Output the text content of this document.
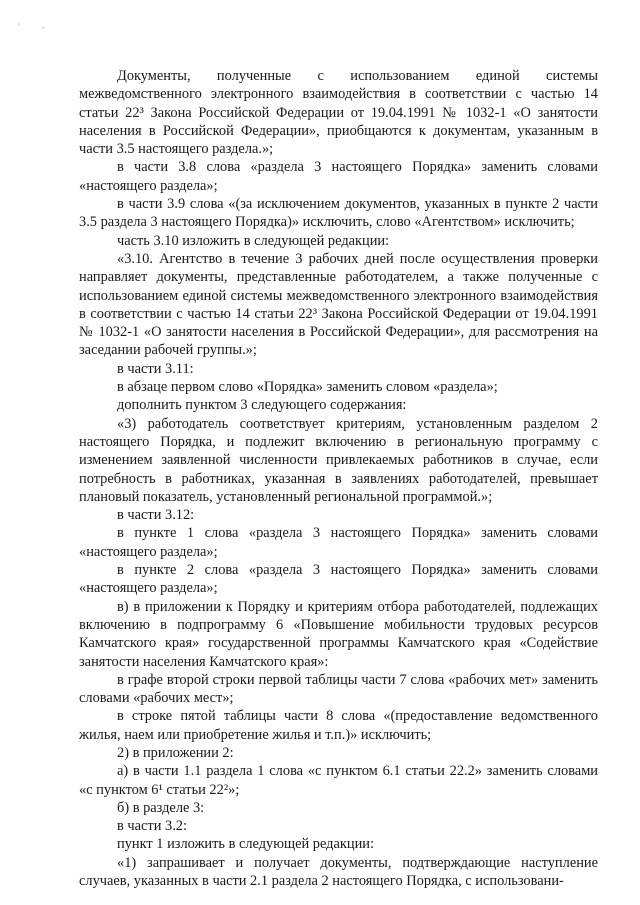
' ‐

Документы, полученные с использованием единой системы межведомственного электронного взаимодействия в соответствии с частью 14 статьи 22³ Закона Российской Федерации от 19.04.1991 № 1032-1 «О занятости населения в Российской Федерации», приобщаются к документам, указанным в части 3.5 настоящего раздела.»;

в части 3.8 слова «раздела 3 настоящего Порядка» заменить словами «настоящего раздела»;

в части 3.9 слова «(за исключением документов, указанных в пункте 2 части 3.5 раздела 3 настоящего Порядка)» исключить, слово «Агентством» исключить;

часть 3.10 изложить в следующей редакции:

«3.10. Агентство в течение 3 рабочих дней после осуществления проверки направляет документы, представленные работодателем, а также полученные с использованием единой системы межведомственного электронного взаимодействия в соответствии с частью 14 статьи 22³ Закона Российской Федерации от 19.04.1991 № 1032-1 «О занятости населения в Российской Федерации», для рассмотрения на заседании рабочей группы.»;

в части 3.11:

в абзаце первом слово «Порядка» заменить словом «раздела»;

дополнить пунктом 3 следующего содержания:

«3) работодатель соответствует критериям, установленным разделом 2 настоящего Порядка, и подлежит включению в региональную программу с изменением заявленной численности привлекаемых работников в случае, если потребность в работниках, указанная в заявлениях работодателей, превышает плановый показатель, установленный региональной программой.»;

в части 3.12:

в пункте 1 слова «раздела 3 настоящего Порядка» заменить словами «настоящего раздела»;

в пункте 2 слова «раздела 3 настоящего Порядка» заменить словами «настоящего раздела»;

в) в приложении к Порядку и критериям отбора работодателей, подлежащих включению в подпрограмму 6 «Повышение мобильности трудовых ресурсов Камчатского края» государственной программы Камчатского края «Содействие занятости населения Камчатского края»:

в графе второй строки первой таблицы части 7 слова «рабочих мет» заменить словами «рабочих мест»;

в строке пятой таблицы части 8 слова «(предоставление ведомственного жилья, наем или приобретение жилья и т.п.)» исключить;

2) в приложении 2:

а) в части 1.1 раздела 1 слова «с пунктом 6.1 статьи 22.2» заменить словами «с пунктом 6¹ статьи 22²»;

б) в разделе 3:

в части 3.2:

пункт 1 изложить в следующей редакции:

«1) запрашивает и получает документы, подтверждающие наступление случаев, указанных в части 2.1 раздела 2 настоящего Порядка, с использовани-
